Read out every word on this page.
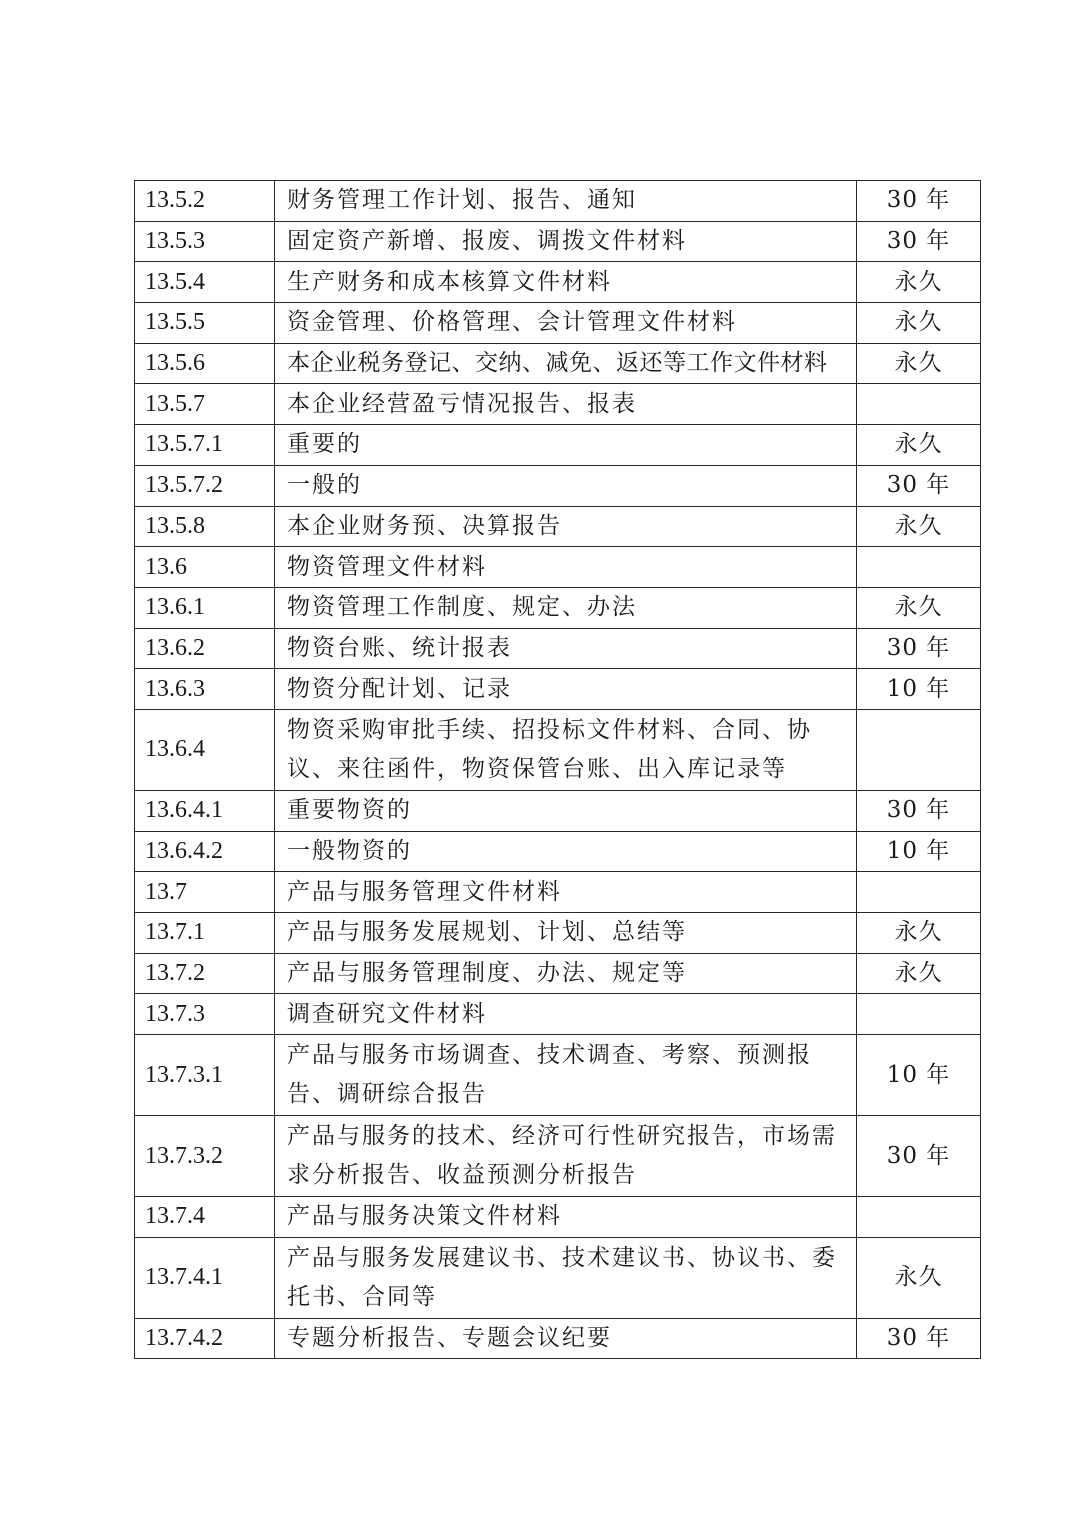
13.5.2	财务管理工作计划、报告、通知	30 年
13.5.3	固定资产新增、报废、调拨文件材料	30 年
13.5.4	生产财务和成本核算文件材料	永久
13.5.5	资金管理、价格管理、会计管理文件材料	永久
13.5.6	本企业税务登记、交纳、减免、返还等工作文件材料	永久
13.5.7	本企业经营盈亏情况报告、报表	
13.5.7.1	重要的	永久
13.5.7.2	一般的	30 年
13.5.8	本企业财务预、决算报告	永久
13.6	物资管理文件材料	
13.6.1	物资管理工作制度、规定、办法	永久
13.6.2	物资台账、统计报表	30 年
13.6.3	物资分配计划、记录	10 年
13.6.4	物资采购审批手续、招投标文件材料、合同、协议、来往函件，物资保管台账、出入库记录等	
13.6.4.1	重要物资的	30 年
13.6.4.2	一般物资的	10 年
13.7	产品与服务管理文件材料	
13.7.1	产品与服务发展规划、计划、总结等	永久
13.7.2	产品与服务管理制度、办法、规定等	永久
13.7.3	调查研究文件材料	
13.7.3.1	产品与服务市场调查、技术调查、考察、预测报告、调研综合报告	10 年
13.7.3.2	产品与服务的技术、经济可行性研究报告，市场需求分析报告、收益预测分析报告	30 年
13.7.4	产品与服务决策文件材料	
13.7.4.1	产品与服务发展建议书、技术建议书、协议书、委托书、合同等	永久
13.7.4.2	专题分析报告、专题会议纪要	30 年
